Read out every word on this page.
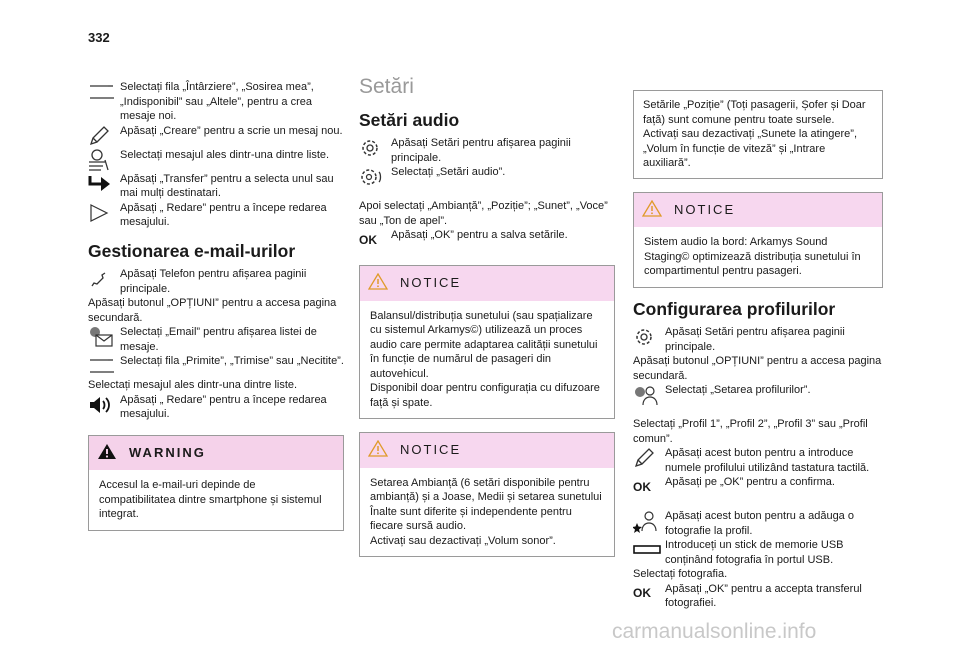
332
Selectați fila „Întârziere”, „Sosirea mea”, „Indisponibil” sau „Altele”, pentru a crea mesaje noi.
Apăsați „Creare” pentru a scrie un mesaj nou.
Selectați mesajul ales dintr-una dintre liste.
Apăsați „Transfer” pentru a selecta unul sau mai mulți destinatari.
Apăsați „ Redare” pentru a începe redarea mesajului.
Gestionarea e-mail-urilor
Apăsați Telefon pentru afișarea paginii principale.

Apăsați butonul „OPȚIUNI” pentru a accesa pagina secundară.

Selectați „Email” pentru afișarea listei de mesaje.
Selectați fila „Primite”, „Trimise” sau „Necitite”.

Selectați mesajul ales dintr-una dintre liste.

Apăsați „ Redare” pentru a începe redarea mesajului.
WARNING
Accesul la e-mail-uri depinde de compatibilitatea dintre smartphone și sistemul integrat.
Setări
Setări audio
Apăsați Setări pentru afișarea paginii principale.
Selectați „Setări audio”.

Apoi selectați „Ambianță”, „Poziție”; „Sunet”, „Voce” sau „Ton de apel”.

OK	Apăsați „OK” pentru a salva setările.
NOTICE
Balansul/distribuția sunetului (sau spațializare cu sistemul Arkamys©) utilizează un proces audio care permite adaptarea calității sunetului în funcție de numărul de pasageri din autovehicul.
Disponibil doar pentru configurația cu difuzoare față și spate.
NOTICE
Setarea Ambianță (6 setări disponibile pentru ambianță) și a Joase, Medii și setarea sunetului Înalte sunt diferite și independente pentru fiecare sursă audio.
Activați sau dezactivați „Volum sonor”.

Setările „Poziție” (Toți pasagerii, Șofer și Doar față) sunt comune pentru toate sursele.
Activați sau dezactivați „Sunete la atingere”, „Volum în funcție de viteză” și „Intrare auxiliară”.

NOTICE
Sistem audio la bord: Arkamys Sound Staging© optimizează distribuția sunetului în compartimentul pentru pasageri.
Configurarea profilurilor
Apăsați Setări pentru afișarea paginii principale.

Apăsați butonul „OPȚIUNI” pentru a accesa pagina secundară.

Selectați „Setarea profilurilor”.

Selectați „Profil 1”, „Profil 2”, „Profil 3” sau „Profil comun”.

Apăsați acest buton pentru a introduce numele profilului utilizând tastatura tactilă.
OK	Apăsați pe „OK” pentru a confirma.
Apăsați acest buton pentru a adăuga o fotografie la profil.
Introduceți un stick de memorie USB conținând fotografia în portul USB.

Selectați fotografia.

OK	Apăsați „OK” pentru a accepta transferul fotografiei.
carmanualsonline.info
